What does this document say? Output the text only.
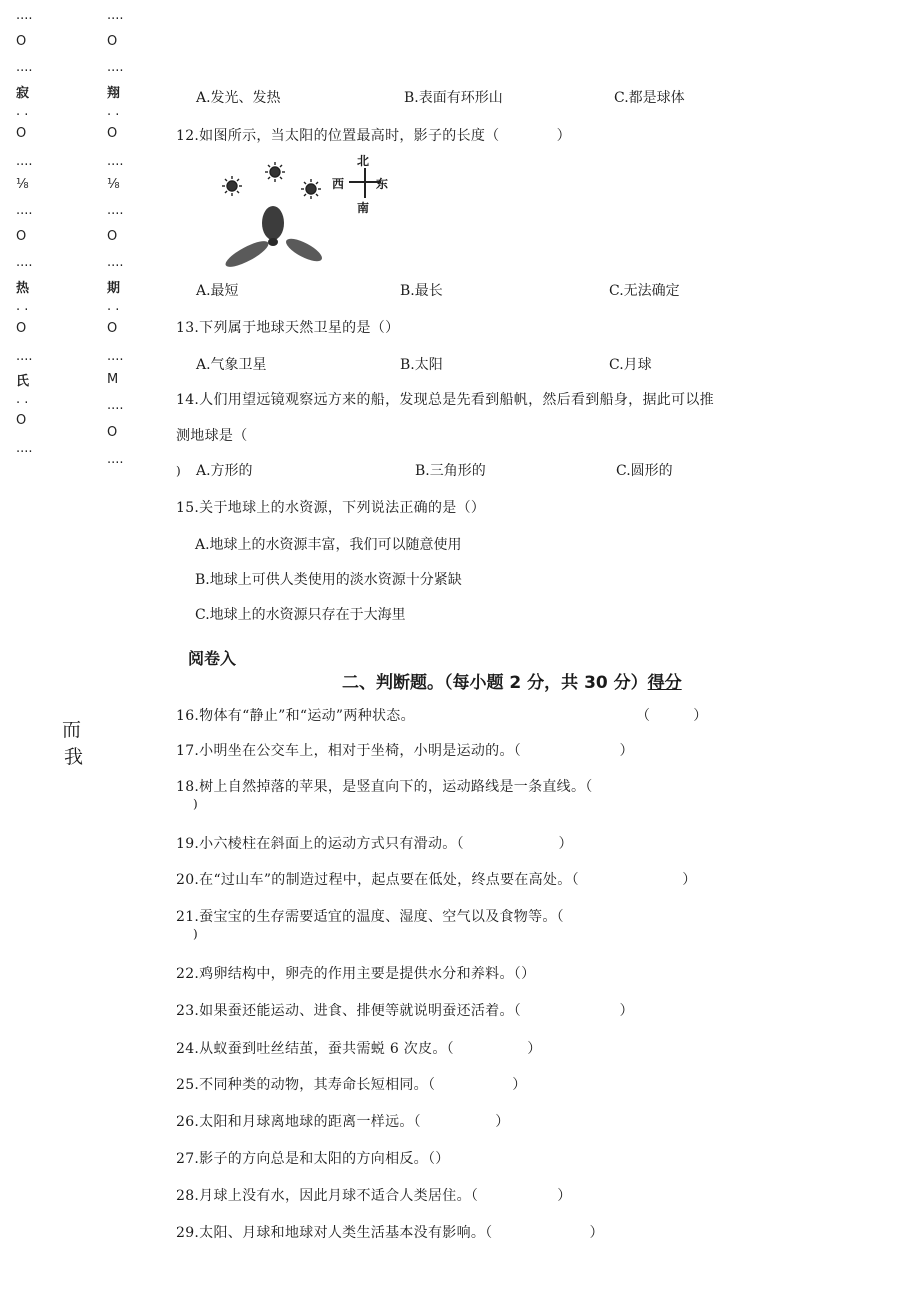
....
O
....
寂
· ·
O
....
⅛
....
O
....
热
· ·
O
....
氏
· ·
O
....
....
O
....
翔
· ·
O
....
⅛
....
O
....
期
· ·
O
....
M
....
O
....
而
我
A.发光、发热	B.表面有环形山	C.都是球体
12.如图所示，当太阳的位置最高时，影子的长度（　　　　）
北
西	东
南
A.最短	B.最长	C.无法确定
13.下列属于地球天然卫星的是（）
A.气象卫星	B.太阳	C.月球
14.人们用望远镜观察远方来的船，发现总是先看到船帆，然后看到船身，据此可以推
测地球是（
) A.方形的	B.三角形的	C.圆形的
15.关于地球上的水资源，下列说法正确的是（）
A.地球上的水资源丰富，我们可以随意使用
B.地球上可供人类使用的淡水资源十分紧缺
C.地球上的水资源只存在于大海里
阅卷入
二、判断题。（每小题 2 分，共 30 分）得分
16.物体有“静止”和“运动”两种状态。	（　　　）
17.小明坐在公交车上，相对于坐椅，小明是运动的。（ 　　　　　）
18.树上自然掉落的苹果，是竖直向下的，运动路线是一条直线。（
)
19.小六棱柱在斜面上的运动方式只有滑动。（ 　　　　　）
20.在“过山车”的制造过程中，起点要在低处，终点要在高处。（	　　　　）
21.蚕宝宝的生存需要适宜的温度、湿度、空气以及食物等。（
)
22.鸡卵结构中，卵壳的作用主要是提供水分和养料。（）
23.如果蚕还能运动、进食、排便等就说明蚕还活着。（ 　　　　　）
24.从蚁蚕到吐丝结茧，蚕共需蜕 6 次皮。（ 　　　　）
25.不同种类的动物，其寿命长短相同。（ 　　　　）
26.太阳和月球离地球的距离一样远。（ 　　　　）
27.影子的方向总是和太阳的方向相反。（）
28.月球上没有水，因此月球不适合人类居住。（ 　　　　）
29.太阳、月球和地球对人类生活基本没有影响。（ 　　　　　）
